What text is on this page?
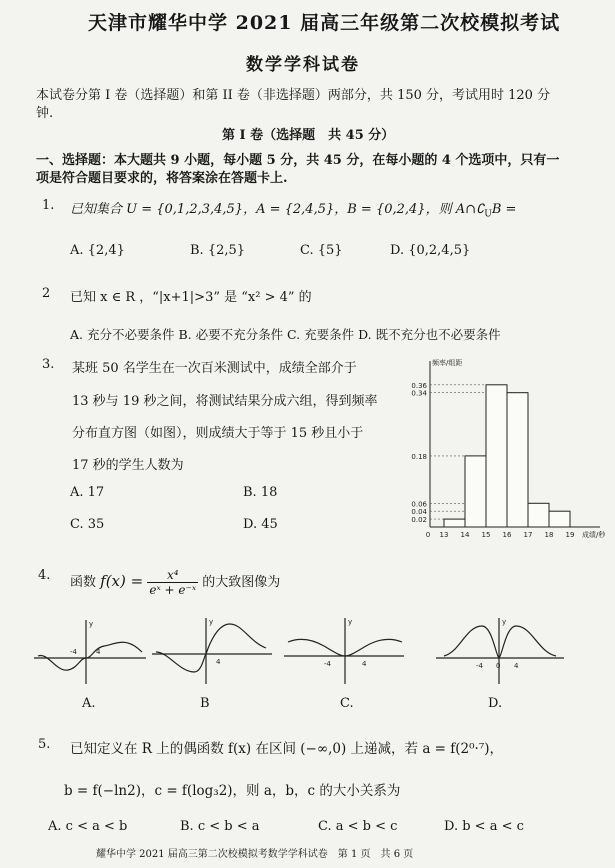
天津市耀华中学 2021 届高三年级第二次校模拟考试
数学学科试卷
本试卷分第 I 卷（选择题）和第 II 卷（非选择题）两部分，共 150 分，考试用时 120 分
钟.
第 I 卷（选择题　共 45 分）
一、选择题：本大题共 9 小题，每小题 5 分，共 45 分，在每小题的 4 个选项中，只有一
项是符合题目要求的，将答案涂在答题卡上.
1. 已知集合 U = {0,1,2,3,4,5}，A = {2,4,5}，B = {0,2,4}，则 $A\cap∁_UB$ =
A. {2,4}	B. {2,5}	C. {5}	D. {0,2,4,5}
2 已知 x ∈ R ，“|x+1|>3” 是 “x² > 4” 的
A. 充分不必要条件 B. 必要不充分条件 C. 充要条件 D. 既不充分也不必要条件
3. 某班 50 名学生在一次百米测试中，成绩全部介于
13 秒与 19 秒之间，将测试结果分成六组，得到频率
分布直方图（如图），则成绩大于等于 15 秒且小于
17 秒的学生人数为
A. 17	B. 18
C. 35	D. 45
频率/组距
0.36
0.34
0.18
0.06
0.04
0.02
0 13 14 15 16 17 18 19 成绩/秒
4. 函数 $f(x) = \frac{\text{x⁴}}{\text{eˣ + e⁻ˣ}}$ 的大致图像为
y
-4	4
y
4
y
-4	4
y
-4 0 4
A.	B	C.	D.
5. 已知定义在 R 上的偶函数 f(x) 在区间 (−∞,0) 上递减，若 a = f(2⁰·⁷)，
b = f(−ln2)，c = f(log₃2)，则 a，b，c 的大小关系为
A. c < a < b	B. c < b < a	C. a < b < c	D. b < a < c
耀华中学 2021 届高三第二次校模拟考数学学科试卷　第 1 页　共 6 页
